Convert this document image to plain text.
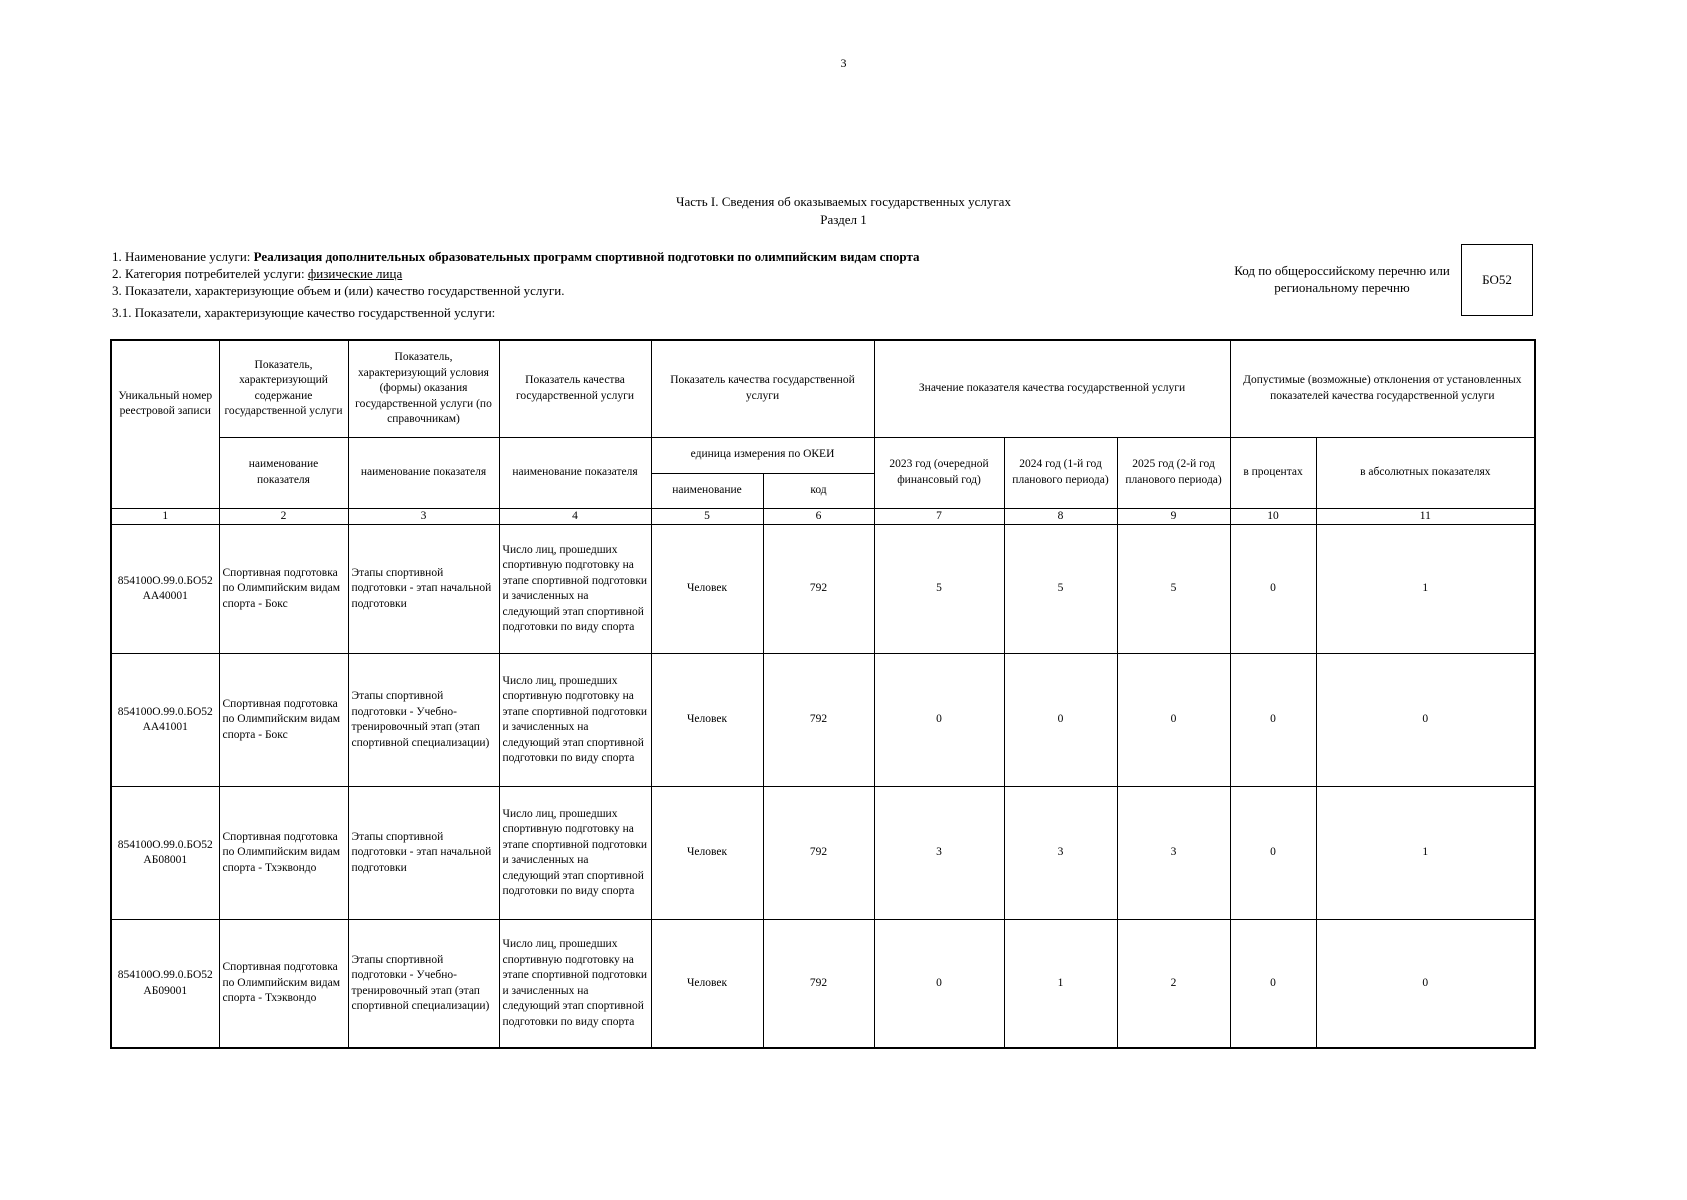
3
Часть I. Сведения об оказываемых государственных услугах
Раздел 1
1. Наименование услуги: Реализация дополнительных образовательных программ спортивной подготовки по олимпийским видам спорта
2. Категория потребителей услуги: физические лица
3. Показатели, характеризующие объем и (или) качество государственной услуги.
3.1. Показатели, характеризующие качество государственной услуги:
Код по общероссийскому перечню или региональному перечню
БО52
Уникальный номер реестровой записи	Показатель, характеризующий содержание государственной услуги	Показатель, характеризующий условия (формы) оказания государственной услуги (по справочникам)	Показатель качества государственной услуги	Показатель качества государственной услуги		Значение показателя качества государственной услуги			Допустимые (возможные) отклонения от установленных показателей качества государственной услуги	
	наименование показателя	наименование показателя	наименование показателя	единица измерения по ОКЕИ		2023 год (очередной финансовый год)	2024 год (1-й год планового периода)	2025 год (2-й год планового периода)	в процентах	в абсолютных показателях
				наименование	код					
1	2	3	4	5	6	7	8	9	10	11
854100О.99.0.БО52АА40001	Спортивная подготовка по Олимпийским видам спорта - Бокс	Этапы спортивной подготовки - этап начальной подготовки	Число лиц, прошедших спортивную подготовку на этапе спортивной подготовки и зачисленных на следующий этап спортивной подготовки по виду спорта	Человек	792	5	5	5	0	1
854100О.99.0.БО52АА41001	Спортивная подготовка по Олимпийским видам спорта - Бокс	Этапы спортивной подготовки - Учебно-тренировочный этап (этап спортивной специализации)	Число лиц, прошедших спортивную подготовку на этапе спортивной подготовки и зачисленных на следующий этап спортивной подготовки по виду спорта	Человек	792	0	0	0	0	0
854100О.99.0.БО52АБ08001	Спортивная подготовка по Олимпийским видам спорта - Тхэквондо	Этапы спортивной подготовки - этап начальной подготовки	Число лиц, прошедших спортивную подготовку на этапе спортивной подготовки и зачисленных на следующий этап спортивной подготовки по виду спорта	Человек	792	3	3	3	0	1
854100О.99.0.БО52АБ09001	Спортивная подготовка по Олимпийским видам спорта - Тхэквондо	Этапы спортивной подготовки - Учебно-тренировочный этап (этап спортивной специализации)	Число лиц, прошедших спортивную подготовку на этапе спортивной подготовки и зачисленных на следующий этап спортивной подготовки по виду спорта	Человек	792	0	1	2	0	0
